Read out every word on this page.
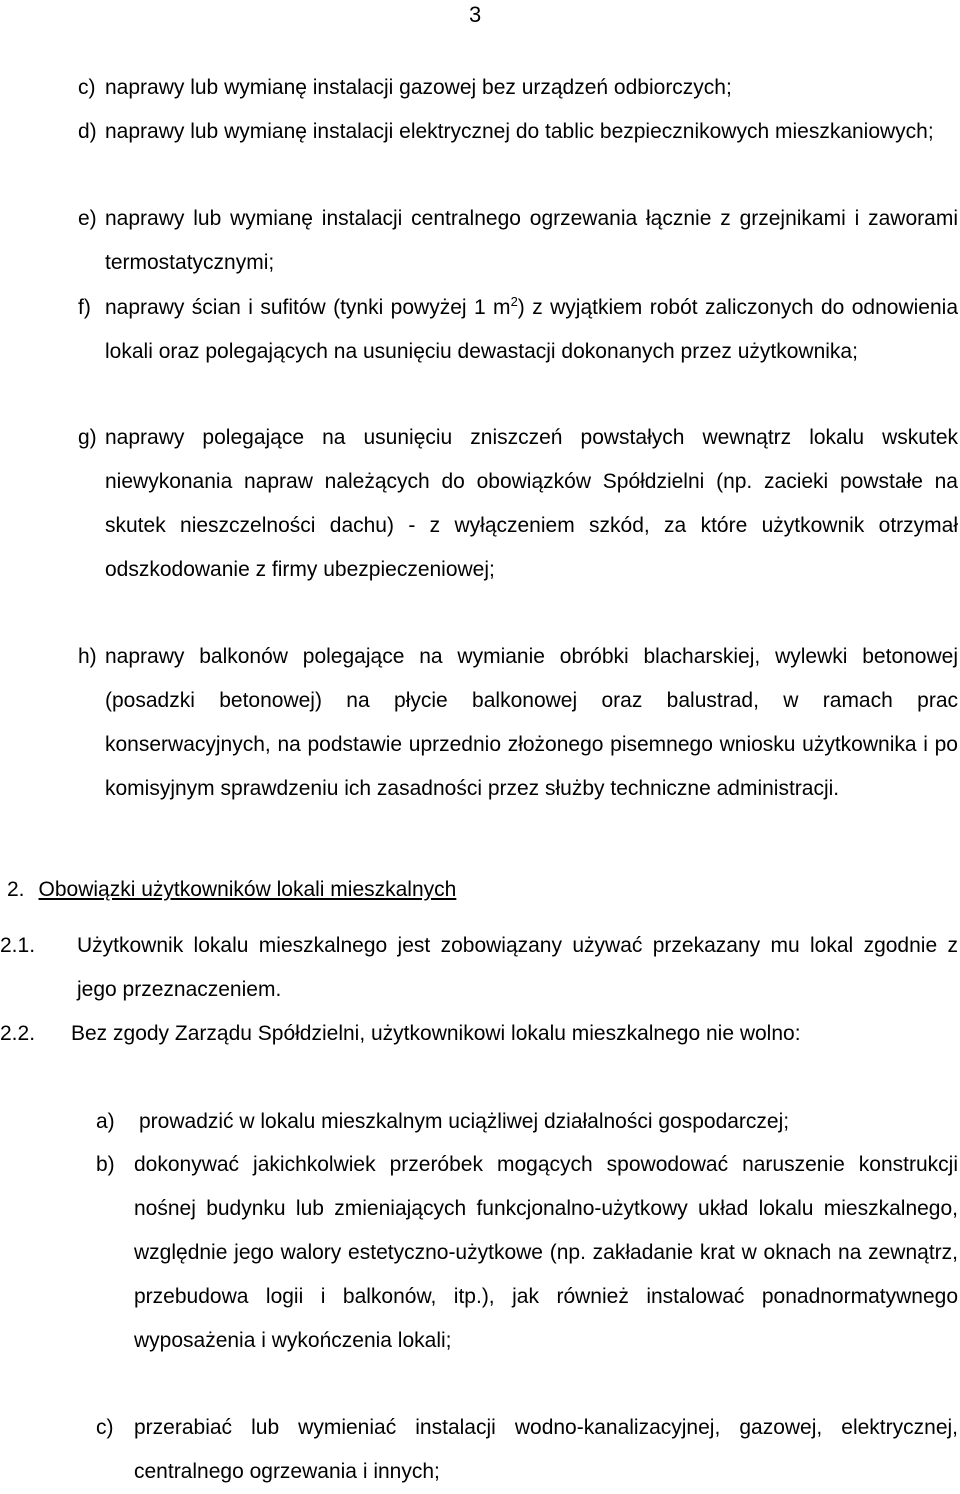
3
c) naprawy lub wymianę instalacji gazowej bez urządzeń odbiorczych;
d) naprawy lub wymianę instalacji elektrycznej do tablic bezpiecznikowych mieszkaniowych;
e) naprawy lub wymianę instalacji centralnego ogrzewania łącznie z grzejnikami i zaworami termostatycznymi;
f) naprawy ścian i sufitów (tynki powyżej 1 $m^2$) z wyjątkiem robót zaliczonych do odnowienia lokali oraz polegających na usunięciu dewastacji dokonanych przez użytkownika;
g) naprawy polegające na usunięciu zniszczeń powstałych wewnątrz lokalu wskutek niewykonania napraw należących do obowiązków Spółdzielni (np. zacieki powstałe na skutek nieszczelności dachu) - z wyłączeniem szkód, za które użytkownik otrzymał odszkodowanie z firmy ubezpieczeniowej;
h) naprawy balkonów polegające na wymianie obróbki blacharskiej, wylewki betonowej (posadzki betonowej) na płycie balkonowej oraz balustrad, w ramach prac konserwacyjnych, na podstawie uprzednio złożonego pisemnego wniosku użytkownika i po komisyjnym sprawdzeniu ich zasadności przez służby techniczne administracji.
2. Obowiązki użytkowników lokali mieszkalnych
2.1.	Użytkownik lokalu mieszkalnego jest zobowiązany używać przekazany mu lokal zgodnie z jego przeznaczeniem.
2.2. Bez zgody Zarządu Spółdzielni, użytkownikowi lokalu mieszkalnego nie wolno:
a)	prowadzić w lokalu mieszkalnym uciążliwej działalności gospodarczej;
b) dokonywać jakichkolwiek przeróbek mogących spowodować naruszenie konstrukcji nośnej budynku lub zmieniających funkcjonalno-użytkowy układ lokalu mieszkalnego, względnie jego walory estetyczno-użytkowe (np. zakładanie krat w oknach na zewnątrz, przebudowa logii i balkonów, itp.), jak również instalować ponadnormatywnego wyposażenia i wykończenia lokali;
c) przerabiać lub wymieniać instalacji wodno-kanalizacyjnej, gazowej, elektrycznej, centralnego ogrzewania i innych;
